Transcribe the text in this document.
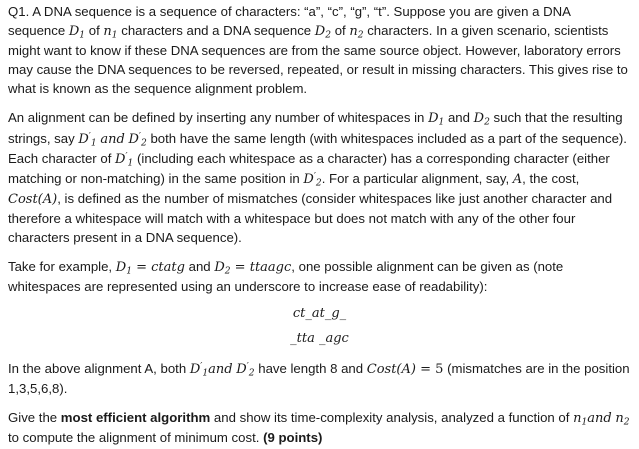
Q1. A DNA sequence is a sequence of characters: “a”, “c”, “g”, “t”. Suppose you are given a DNA sequence $D_1$ of $n_1$ characters and a DNA sequence $D_2$ of $n_2$ characters. In a given scenario, scientists might want to know if these DNA sequences are from the same source object. However, laboratory errors may cause the DNA sequences to be reversed, repeated, or result in missing characters. This gives rise to what is known as the sequence alignment problem.

An alignment can be defined by inserting any number of whitespaces in $D_1$ and $D_2$ such that the resulting strings, say $D'_1$ and $D'_2$ both have the same length (with whitespaces included as a part of the sequence). Each character of $D'_1$ (including each whitespace as a character) has a corresponding character (either matching or non-matching) in the same position in $D'_2$. For a particular alignment, say, A, the cost, Cost(A), is defined as the number of mismatches (consider whitespaces like just another character and therefore a whitespace will match with a whitespace but does not match with any of the other four characters present in a DNA sequence).

Take for example, $D_1$ = ctatg and $D_2$ = ttaagc, one possible alignment can be given as (note whitespaces are represented using an underscore to increase ease of readability):

ct_at_g_

_tta _agc

In the above alignment A, both $D'_1and$ $D'_2$ have length 8 and Cost(A) = 5 (mismatches are in the position 1,3,5,6,8).

Give the most efficient algorithm and show its time-complexity analysis, analyzed a function of $n_1and$ $n_2$ to compute the alignment of minimum cost. (9 points)
